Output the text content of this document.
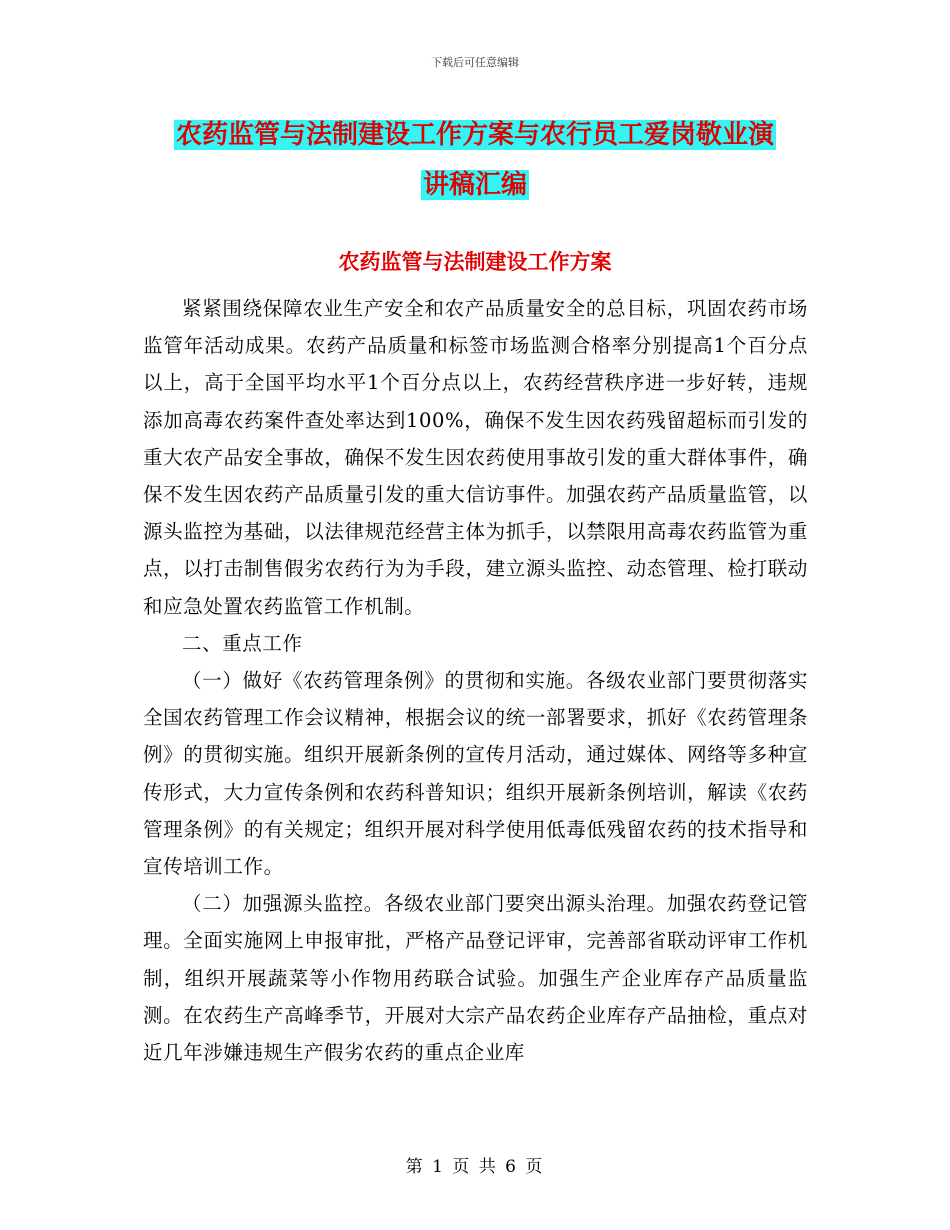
下载后可任意编辑
农药监管与法制建设工作方案与农行员工爱岗敬业演
讲稿汇编
农药监管与法制建设工作方案

紧紧围绕保障农业生产安全和农产品质量安全的总目标，巩固农药市场监管年活动成果。农药产品质量和标签市场监测合格率分别提高1个百分点以上，高于全国平均水平1个百分点以上，农药经营秩序进一步好转，违规添加高毒农药案件查处率达到100%，确保不发生因农药残留超标而引发的重大农产品安全事故，确保不发生因农药使用事故引发的重大群体事件，确保不发生因农药产品质量引发的重大信访事件。加强农药产品质量监管，以源头监控为基础，以法律规范经营主体为抓手，以禁限用高毒农药监管为重点，以打击制售假劣农药行为为手段，建立源头监控、动态管理、检打联动和应急处置农药监管工作机制。

二、重点工作

（一）做好《农药管理条例》的贯彻和实施。各级农业部门要贯彻落实全国农药管理工作会议精神，根据会议的统一部署要求，抓好《农药管理条例》的贯彻实施。组织开展新条例的宣传月活动，通过媒体、网络等多种宣传形式，大力宣传条例和农药科普知识；组织开展新条例培训，解读《农药管理条例》的有关规定；组织开展对科学使用低毒低残留农药的技术指导和宣传培训工作。

（二）加强源头监控。各级农业部门要突出源头治理。加强农药登记管理。全面实施网上申报审批，严格产品登记评审，完善部省联动评审工作机制，组织开展蔬菜等小作物用药联合试验。加强生产企业库存产品质量监测。在农药生产高峰季节，开展对大宗产品农药企业库存产品抽检，重点对近几年涉嫌违规生产假劣农药的重点企业库

第 1 页 共 6 页
